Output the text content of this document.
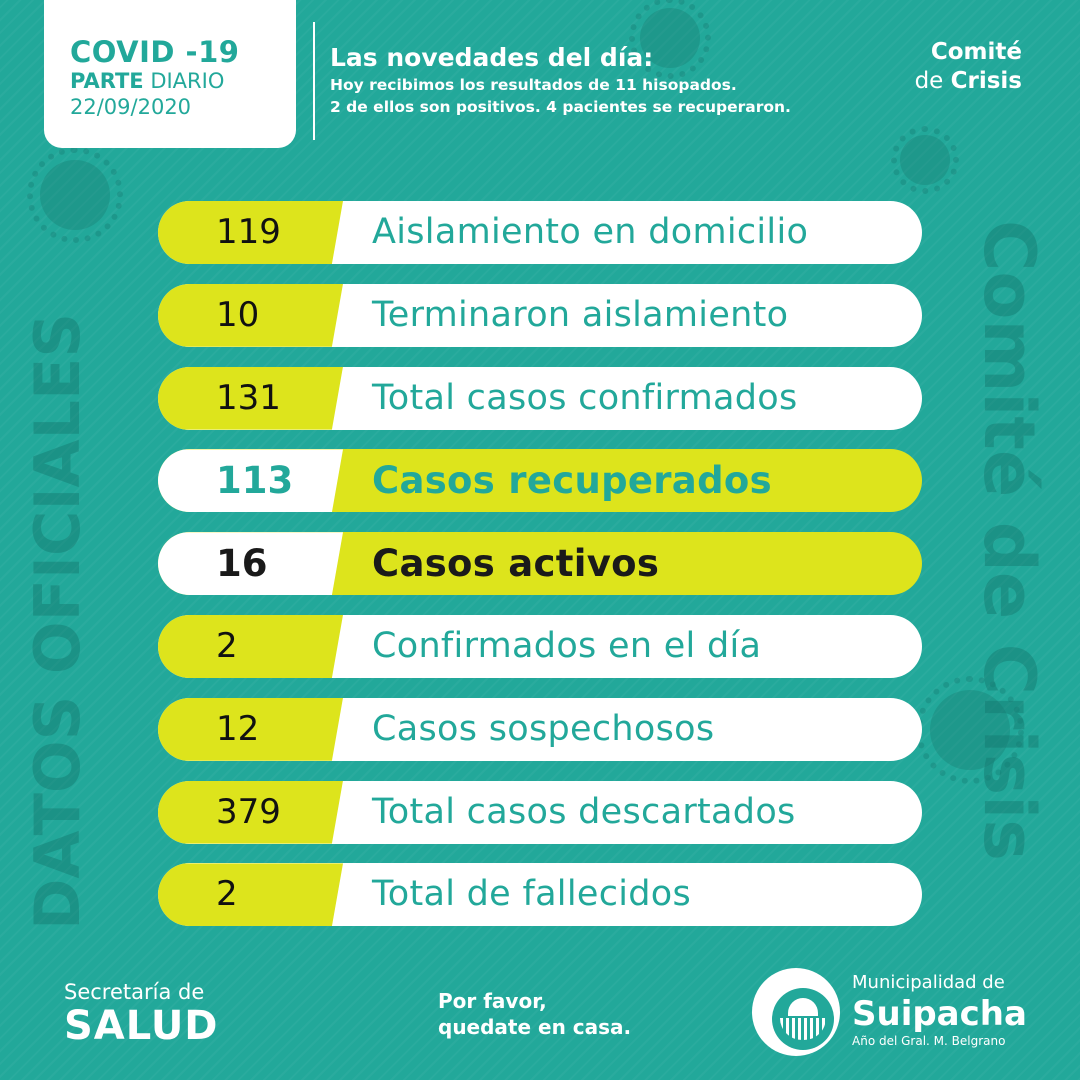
Comité de Crisis
DATOS OFICIALES
COVID -19
PARTE DIARIO
22/09/2020
Las novedades del día:
Hoy recibimos los resultados de 11 hisopados.
2 de ellos son positivos. 4 pacientes se recuperaron.
Comité
de Crisis
119	Aislamiento en domicilio
10	Terminaron aislamiento
131	Total casos confirmados
113 Casos recuperados
16	Casos activos
2	Confirmados en el día
12	Casos sospechosos
379	Total casos descartados
2	Total de fallecidos
Secretaría de
SALUD
Por favor,
quedate en casa.
Municipalidad de
Suipacha
Año del Gral. M. Belgrano
